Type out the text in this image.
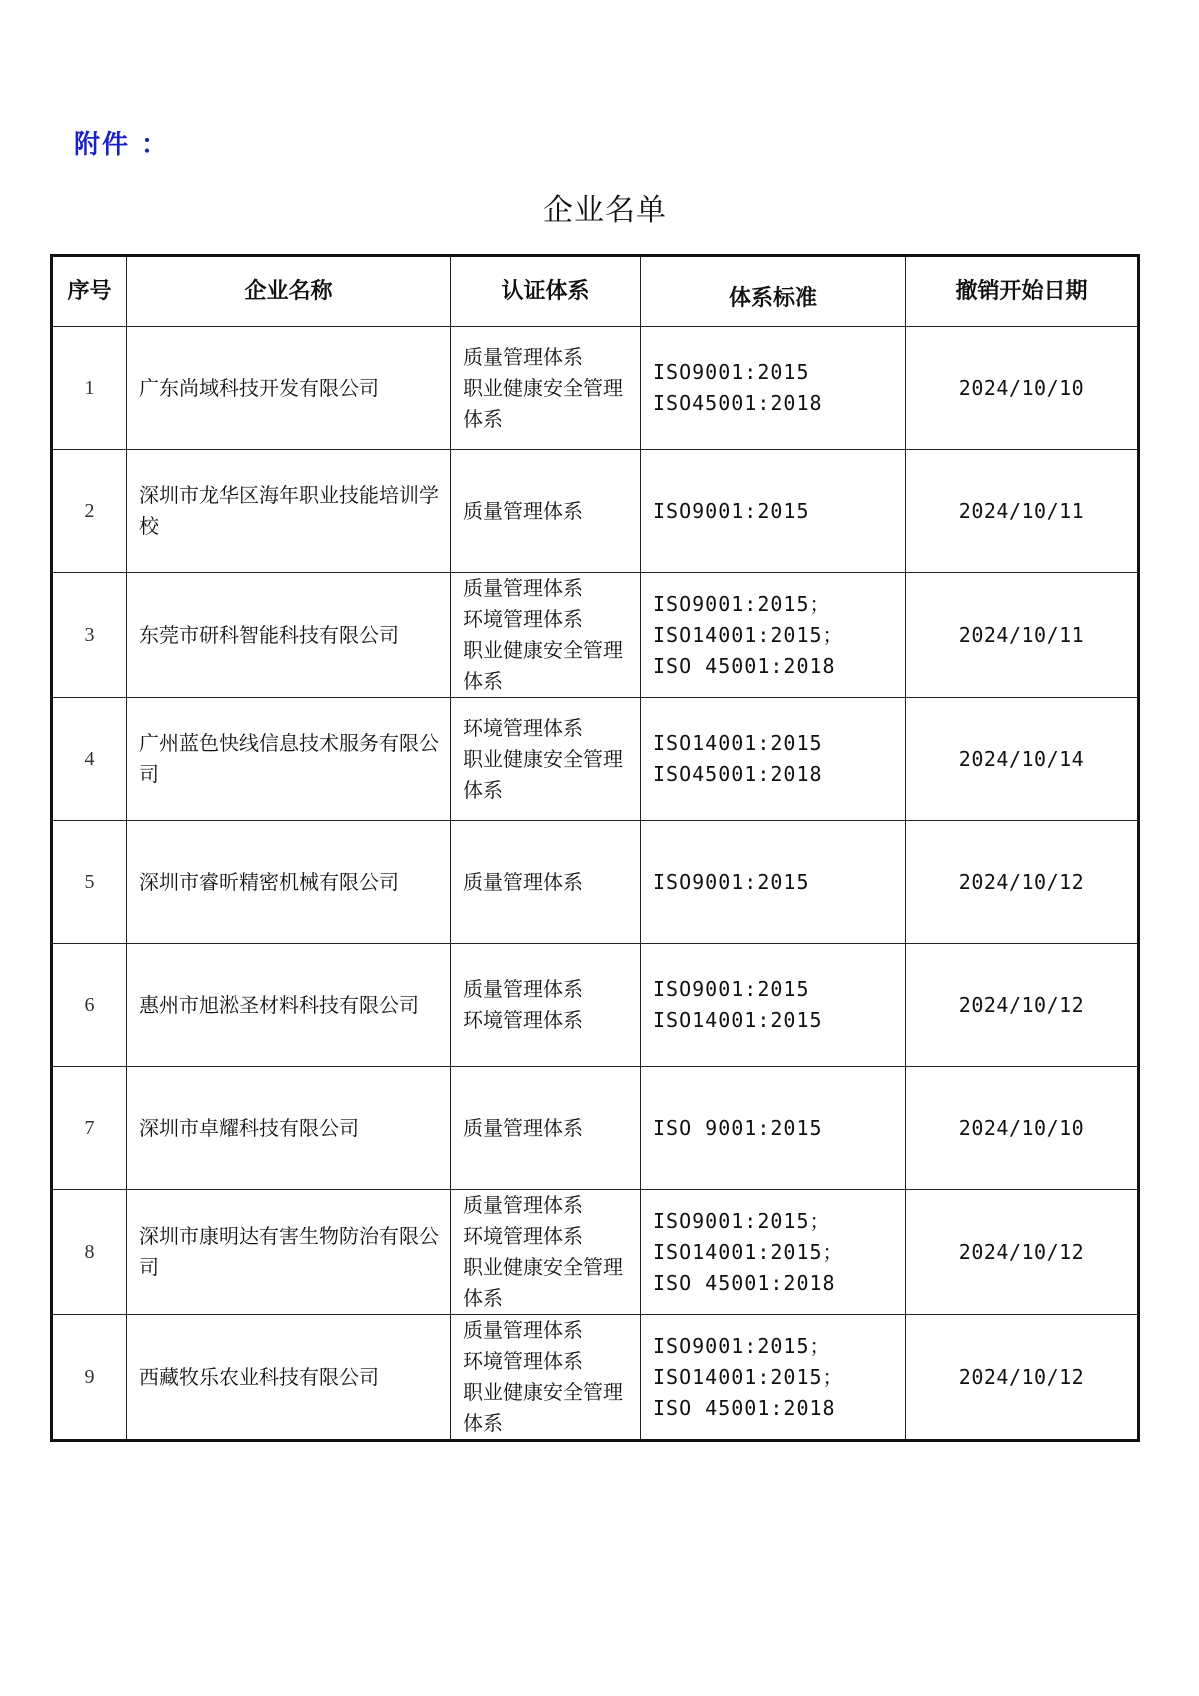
附件 ：
企业名单
序号	企业名称	认证体系	体系标准	撤销开始日期
1	广东尚域科技开发有限公司	质量管理体系
职业健康安全管理
体系	ISO9001:2015
ISO45001:2018	2024/10/10
2	深圳市龙华区海年职业技能培训学校	质量管理体系	ISO9001:2015	2024/10/11
3	东莞市研科智能科技有限公司	质量管理体系
环境管理体系
职业健康安全管理
体系	ISO9001:2015；
ISO14001:2015；
ISO 45001:2018	2024/10/11
4	广州蓝色快线信息技术服务有限公司	环境管理体系
职业健康安全管理
体系	ISO14001:2015
ISO45001:2018	2024/10/14
5	深圳市睿昕精密机械有限公司	质量管理体系	ISO9001:2015	2024/10/12
6	惠州市旭淞圣材料科技有限公司	质量管理体系
环境管理体系	ISO9001:2015
ISO14001:2015	2024/10/12
7	深圳市卓耀科技有限公司	质量管理体系	ISO 9001:2015	2024/10/10
8	深圳市康明达有害生物防治有限公司	质量管理体系
环境管理体系
职业健康安全管理
体系	ISO9001:2015；
ISO14001:2015；
ISO 45001:2018	2024/10/12
9	西藏牧乐农业科技有限公司	质量管理体系
环境管理体系
职业健康安全管理
体系	ISO9001:2015；
ISO14001:2015；
ISO 45001:2018	2024/10/12
